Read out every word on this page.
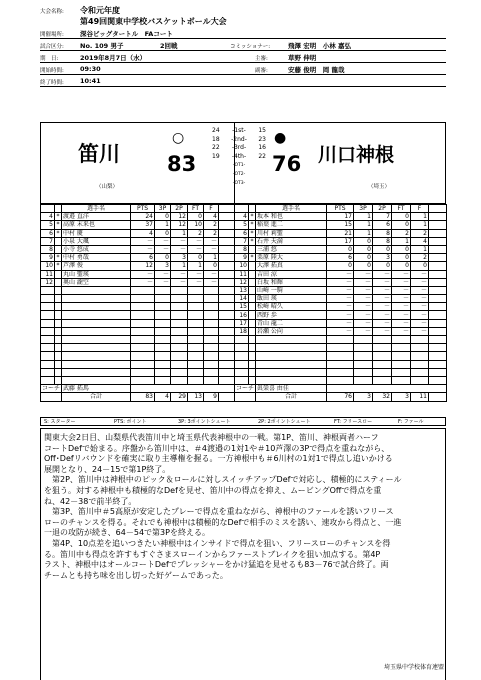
大会名称: 令和元年度
第49回関東中学校バスケットボール大会
開催場所: 深谷ビッグタートル　FAコート
試合区分: No. 109 男子	2回戦	コミッショナー:	飛澤 宏明　小林 嘉弘
期　日:	2019年8月7日（水）	主審:	草野 伸明
開始時間: 09:30	副審:	安藤 俊明　岡 龍哉
終了時間: 10:41
笛川
（山梨）
○
83
24 -1st- 15
18 -2nd- 23
22 -3rd- 16
19 -4th- 22
-OT1-
-OT2-
-OT3-
●
76 川口神根
（埼玉）
		選手名	PTS	3P	2P	FT	F	
4	*	渡邉 直洋	24	0	12	0	4	
5	*	高原 末来也	37	1	12	10	2	
6	*	中村 慶	4	0	1	2	2	
7		小泉 大颯	－	－	－	－	－	
8		小寺 悠成	－	－	－	－	－	
9	*	中村 勇哉	6	0	3	0	1	
10	*	芦澤 俊	12	3	1	1	0	
11		丸山 聖瑛	－	－	－	－	－	
12		奥山 瀧空	－	－	－	－	－	

コーチ		武藤 拓馬						
		合計	83	4	29	13	9	
		選手名	PTS	3P	2P	FT	F	
4	*	坂本 和也	17	1	7	0	1	
5	*	稲葉 進二	15	1	6	0	1	
6	*	川村 莉聖	21	1	8	2	2	
7	*	石井 天満	17	0	8	1	4	
8		三浦 悠	0	0	0	0	1	
9	*	栗原 陸大	6	0	3	0	2	
10		大澤 拓真	0	0	0	0	0	
11		吉田 涼	－	－	－	－	－	
12		白坂 和輝	－	－	－	－	－	
13		山崎 一騎	－	－	－	－	－	
14		飯田 瑛	－	－	－	－	－	
15		松崎 晴久	－	－	－	－	－	
16		西野 歩	－	－	－	－	－	
17		青山 龍二	－	－	－	－	－	
18		岩瀬 公向	－	－	－	－	－	

コーチ		眞榮喜 由佳						
		合計	76	3	32	3	11	
S: スターター	PTS: ポイント	3P: 3ポイントシュート	2P: 2ポイントシュート	FT: フリースロー	F: ファール
関東大会2日目、山梨県代表笛川中と埼玉県代表神根中の一戦。第1P、笛川、神根両者ハーフ
コートDefで始まる。序盤から笛川中は、＃4渡邉の1対1や＃10芦澤の3Pで得点を重ねながら、
Off･Defリバウンドを確実に取り主導権を握る。一方神根中も＃6川村の1対1で得点し追いかける
展開となり、24－15で第1P終了。
　第2P、笛川中は神根中のピック＆ロールに対しスイッチアップDefで対応し、積極的にスティール
を狙う。対する神根中も積極的なDefを見せ、笛川中の得点を抑え、ムービングOffで得点を重
ね、42－38で前半終了。
　第3P、笛川中＃5高原が安定したプレーで得点を重ねながら、神根中のファールを誘いフリース
ローのチャンスを得る。それでも神根中は積極的なDefで相手のミスを誘い、速攻から得点と、一進
一退の攻防が続き、64－54で第3Pを終える。
　第4P、10点差を追いつきたい神根中はインサイドで得点を狙い、フリースローのチャンスを得
る。笛川中も得点を許すもすぐさまスローインからファーストブレイクを狙い加点する。第4P
ラスト、神根中はオールコートDefでプレッシャーをかけ猛追を見せるも83－76で試合終了。両
チームとも持ち味を出し切った好ゲームであった。
埼玉県中学校体育連盟
